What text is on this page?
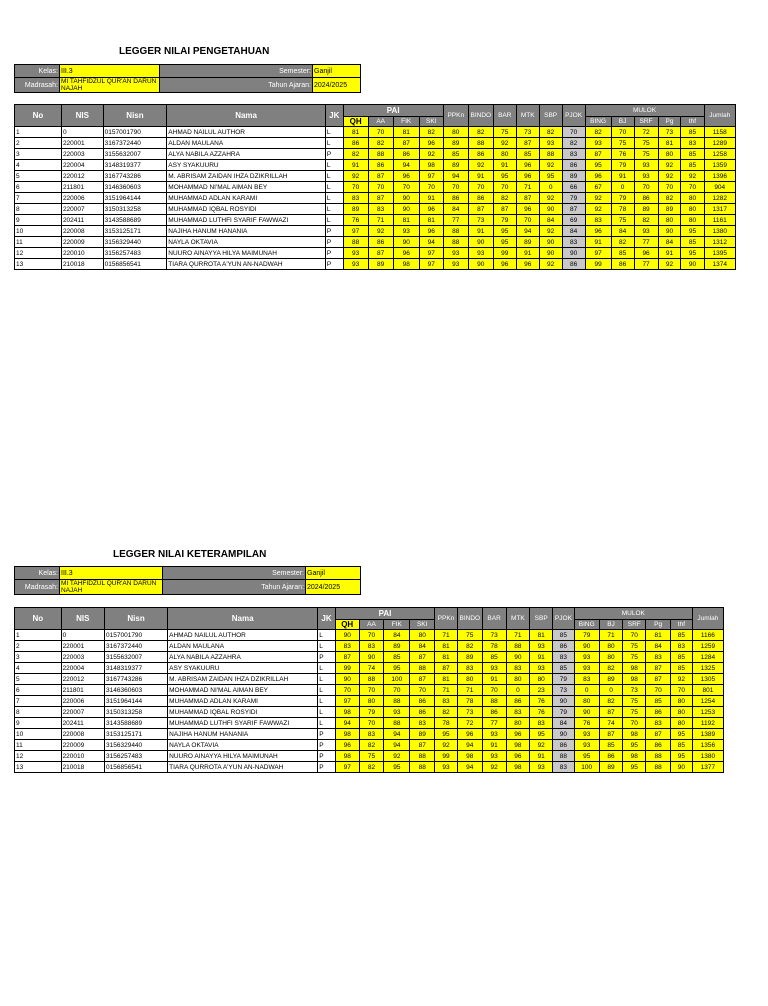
LEGGER NILAI PENGETAHUAN
Kelas:	III.3	Semester:	Ganjil
Madrasah:	MI TAHFIDZUL QUR'AN DARUN NAJAH	Tahun Ajaran:	2024/2025
No	NIS	Nisn	Nama	JK	PAI				PPKn	BINDO	BAR	MTK	SBP	PJOK	MULOK					Jumlah
					QH	AA	FIK	SKI							BING	BJ	SRF	Pg	thf	
1	0	0157001790	AHMAD NAILUL AUTHOR	L	81	70	81	82	80	82	75	73	82	70	82	70	72	73	85	1158
2	220001	3167372440	ALDAN MAULANA	L	86	82	87	96	89	88	92	87	93	82	93	75	75	81	83	1289
3	220003	3155632007	ALYA NABILA AZZAHRA	P	82	88	86	92	85	86	80	85	88	83	87	76	75	80	85	1258
4	220004	3148319377	ASY SYAKUURU	L	91	86	94	98	89	92	91	96	92	86	95	79	93	92	85	1359
5	220012	3167743286	M. ABRISAM ZAIDAN IHZA DZIKRILLAH	L	92	87	96	97	94	91	95	96	95	89	96	91	93	92	92	1396
6	211801	3146360603	MOHAMMAD NI'MAL AIMAN BEY	L	70	70	70	70	70	70	70	71	0	66	67	0	70	70	70	904
7	220006	3151964144	MUHAMMAD ADLAN KARAMI	L	83	87	90	91	86	86	82	87	92	79	92	79	86	82	80	1282
8	220007	3150313258	MUHAMMAD IQBAL ROSYIDI	L	89	83	90	96	84	87	87	96	90	87	92	78	89	89	80	1317
9	202411	3143588689	MUHAMMAD LUTHFI SYARIF FAWWAZI	L	76	71	81	81	77	73	79	70	84	69	83	75	82	80	80	1161
10	220008	3153125171	NAJIHA HANUM HANANIA	P	97	92	93	96	88	91	95	94	92	84	96	84	93	90	95	1380
11	220009	3156329440	NAYLA OKTAVIA	P	88	86	90	94	88	90	95	89	90	83	91	82	77	84	85	1312
12	220010	3156257483	NUURO AINAYYA HILYA MAIMUNAH	P	93	87	96	97	93	93	99	91	90	90	97	85	96	91	95	1395
13	210018	0156856541	TIARA QURROTA A'YUN AN-NADWAH	P	93	89	98	97	93	90	96	96	92	86	99	86	77	92	90	1374
LEGGER NILAI KETERAMPILAN
Kelas:	III.3	Semester:	Ganjil
Madrasah:	MI TAHFIDZUL QUR'AN DARUN NAJAH	Tahun Ajaran:	2024/2025
No	NIS	Nisn	Nama	JK	PAI				PPKn	BINDO	BAR	MTK	SBP	PJOK	MULOK					Jumlah
					QH	AA	FIK	SKI							BING	BJ	SRF	Pg	thf	
1	0	0157001790	AHMAD NAILUL AUTHOR	L	90	70	84	80	71	75	73	71	81	85	79	71	70	81	85	1166
2	220001	3167372440	ALDAN MAULANA	L	83	83	89	84	81	82	78	88	93	86	90	80	75	84	83	1259
3	220003	3155632007	ALYA NABILA AZZAHRA	P	87	90	85	87	81	89	85	90	91	83	93	80	75	83	85	1284
4	220004	3148319377	ASY SYAKUURU	L	99	74	95	88	87	83	93	83	93	85	93	82	98	87	85	1325
5	220012	3167743286	M. ABRISAM ZAIDAN IHZA DZIKRILLAH	L	90	88	100	87	81	80	91	80	80	79	83	89	98	87	92	1305
6	211801	3146360603	MOHAMMAD NI'MAL AIMAN BEY	L	70	70	70	70	71	71	70	0	23	73	0	0	73	70	70	801
7	220006	3151964144	MUHAMMAD ADLAN KARAMI	L	97	80	88	86	83	78	88	86	76	90	80	82	75	85	80	1254
8	220007	3150313258	MUHAMMAD IQBAL ROSYIDI	L	98	79	93	86	82	73	86	83	76	79	90	87	75	86	80	1253
9	202411	3143588689	MUHAMMAD LUTHFI SYARIF FAWWAZI	L	94	70	88	83	78	72	77	80	83	84	76	74	70	83	80	1192
10	220008	3153125171	NAJIHA HANUM HANANIA	P	98	83	94	89	95	96	93	96	95	90	93	87	98	87	95	1389
11	220009	3156329440	NAYLA OKTAVIA	P	96	82	94	87	92	94	91	98	92	86	93	85	95	86	85	1356
12	220010	3156257483	NUURO AINAYYA HILYA MAIMUNAH	P	98	75	92	88	99	98	93	96	91	88	95	86	98	88	95	1380
13	210018	0156856541	TIARA QURROTA A'YUN AN-NADWAH	P	97	82	95	88	93	94	92	98	93	83	100	89	95	88	90	1377
